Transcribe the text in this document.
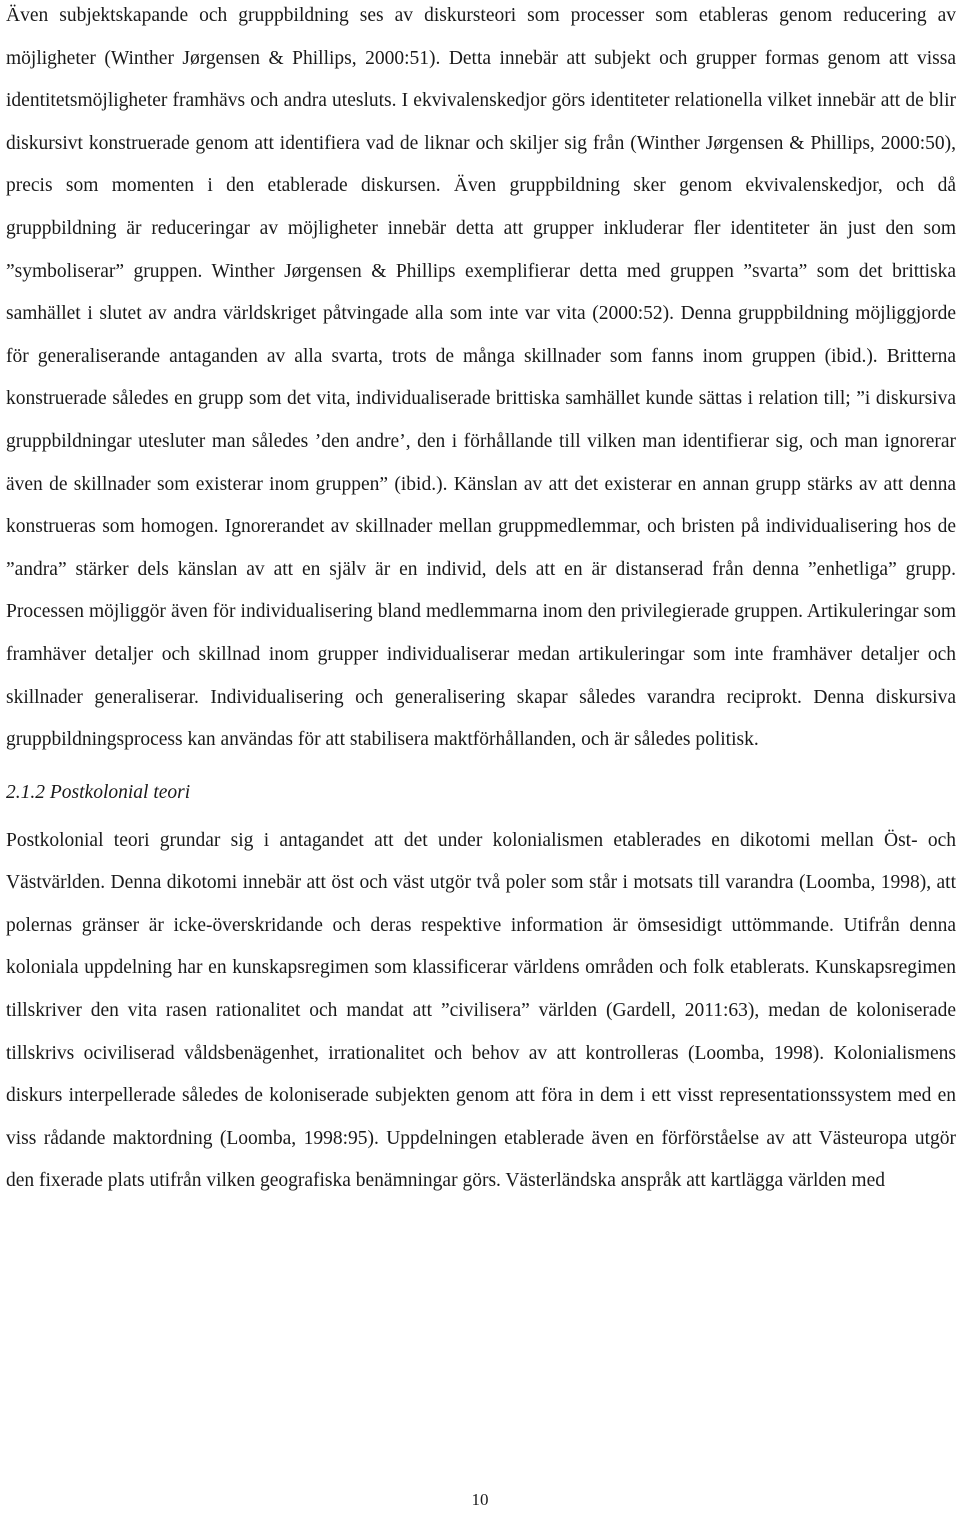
Även subjektskapande och gruppbildning ses av diskursteori som processer som etableras genom reducering av möjligheter (Winther Jørgensen & Phillips, 2000:51). Detta innebär att subjekt och grupper formas genom att vissa identitetsmöjligheter framhävs och andra utesluts. I ekvivalenskedjor görs identiteter relationella vilket innebär att de blir diskursivt konstruerade genom att identifiera vad de liknar och skiljer sig från (Winther Jørgensen & Phillips, 2000:50), precis som momenten i den etablerade diskursen. Även gruppbildning sker genom ekvivalenskedjor, och då gruppbildning är reduceringar av möjligheter innebär detta att grupper inkluderar fler identiteter än just den som ”symboliserar” gruppen. Winther Jørgensen & Phillips exemplifierar detta med gruppen ”svarta” som det brittiska samhället i slutet av andra världskriget påtvingade alla som inte var vita (2000:52). Denna gruppbildning möjliggjorde för generaliserande antaganden av alla svarta, trots de många skillnader som fanns inom gruppen (ibid.). Britterna konstruerade således en grupp som det vita, individualiserade brittiska samhället kunde sättas i relation till; ”i diskursiva gruppbildningar utesluter man således ’den andre’, den i förhållande till vilken man identifierar sig, och man ignorerar även de skillnader som existerar inom gruppen” (ibid.). Känslan av att det existerar en annan grupp stärks av att denna konstrueras som homogen. Ignorerandet av skillnader mellan gruppmedlemmar, och bristen på individualisering hos de ”andra” stärker dels känslan av att en själv är en individ, dels att en är distanserad från denna ”enhetliga” grupp. Processen möjliggör även för individualisering bland medlemmarna inom den privilegierade gruppen. Artikuleringar som framhäver detaljer och skillnad inom grupper individualiserar medan artikuleringar som inte framhäver detaljer och skillnader generaliserar. Individualisering och generalisering skapar således varandra reciprokt. Denna diskursiva gruppbildningsprocess kan användas för att stabilisera maktförhållanden, och är således politisk.

2.1.2 Postkolonial teori

Postkolonial teori grundar sig i antagandet att det under kolonialismen etablerades en dikotomi mellan Öst- och Västvärlden. Denna dikotomi innebär att öst och väst utgör två poler som står i motsats till varandra (Loomba, 1998), att polernas gränser är icke-överskridande och deras respektive information är ömsesidigt uttömmande. Utifrån denna koloniala uppdelning har en kunskapsregimen som klassificerar världens områden och folk etablerats. Kunskapsregimen tillskriver den vita rasen rationalitet och mandat att ”civilisera” världen (Gardell, 2011:63), medan de koloniserade tillskrivs ociviliserad våldsbenägenhet, irrationalitet och behov av att kontrolleras (Loomba, 1998). Kolonialismens diskurs interpellerade således de koloniserade subjekten genom att föra in dem i ett visst representationssystem med en viss rådande maktordning (Loomba, 1998:95). Uppdelningen etablerade även en förförståelse av att Västeuropa utgör den fixerade plats utifrån vilken geografiska benämningar görs. Västerländska anspråk att kartlägga världen med

10
